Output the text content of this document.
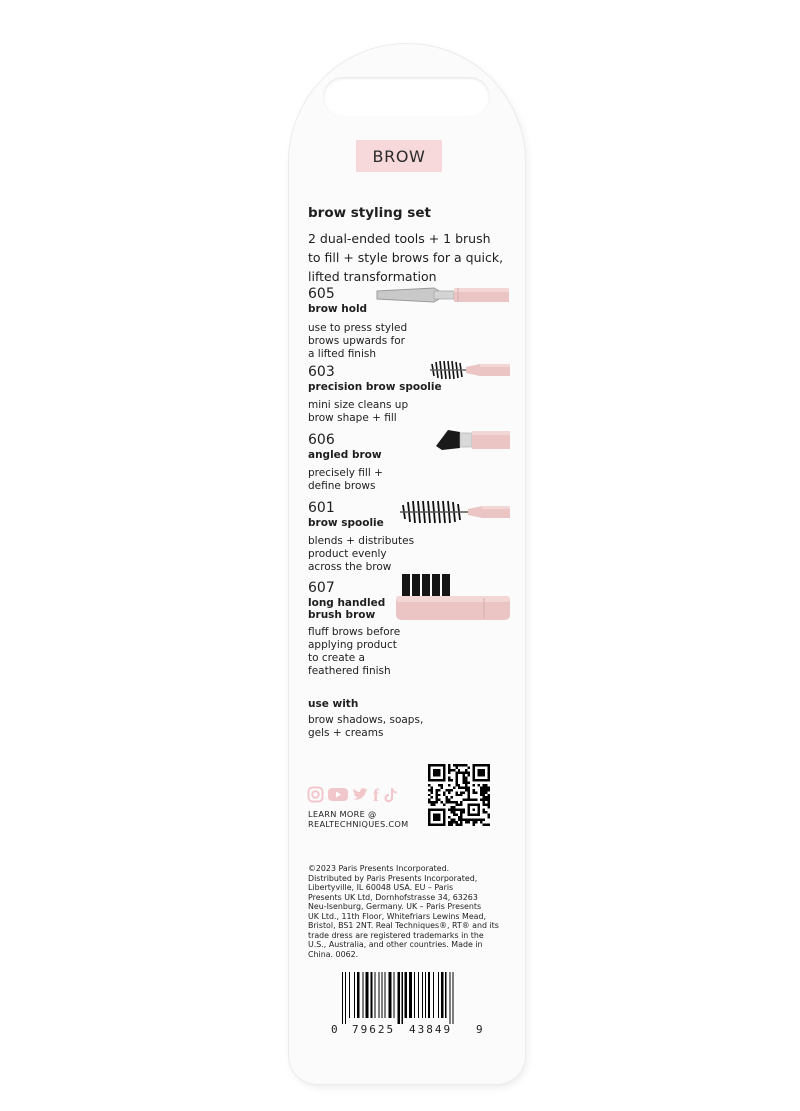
BROW
brow styling set
2 dual-ended tools + 1 brush
to fill + style brows for a quick,
lifted transformation
605
brow hold
use to press styled
brows upwards for
a lifted finish
603
precision brow spoolie
mini size cleans up
brow shape + fill
606
angled brow
precisely fill +
define brows
601
brow spoolie
blends + distributes
product evenly
across the brow
607
long handled
brush brow
fluff brows before
applying product
to create a
feathered finish
use with
brow shadows, soaps,
gels + creams
f
LEARN MORE @
REALTECHNIQUES.COM
©2023 Paris Presents Incorporated.
Distributed by Paris Presents Incorporated,
Libertyville, IL 60048 USA. EU – Paris
Presents UK Ltd, Dornhofstrasse 34, 63263
Neu-Isenburg, Germany. UK – Paris Presents
UK Ltd., 11th Floor, Whitefriars Lewins Mead,
Bristol, BS1 2NT. Real Techniques®, RT® and its
trade dress are registered trademarks in the
U.S., Australia, and other countries. Made in
China. 0062.
0 79625 43849 9
